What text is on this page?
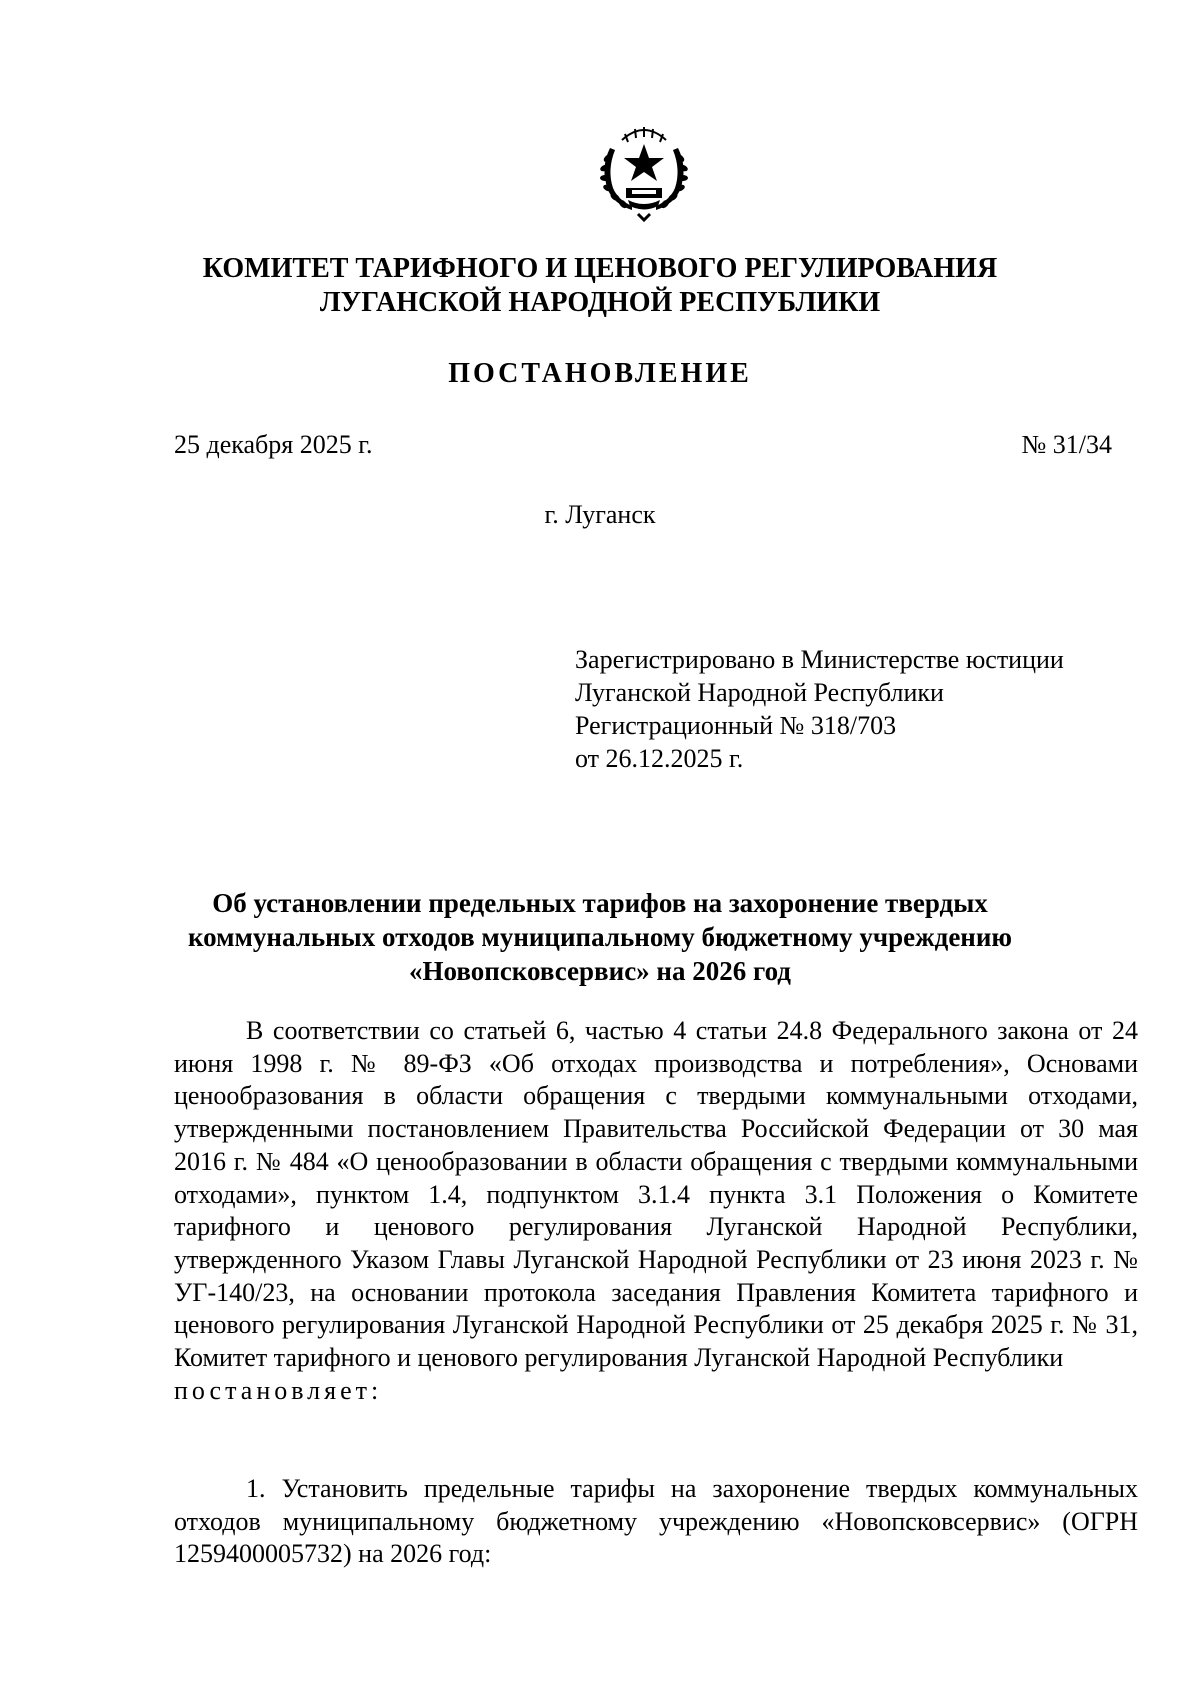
КОМИТЕТ ТАРИФНОГО И ЦЕНОВОГО РЕГУЛИРОВАНИЯ
ЛУГАНСКОЙ НАРОДНОЙ РЕСПУБЛИКИ
ПОСТАНОВЛЕНИЕ
25 декабря 2025 г.	№ 31/34
г. Луганск
Зарегистрировано в Министерстве юстиции
Луганской Народной Республики
Регистрационный № 318/703
от 26.12.2025 г.
Об установлении предельных тарифов на захоронение твердых
коммунальных отходов муниципальному бюджетному учреждению
«Новопсковсервис» на 2026 год

В соответствии со статьей 6, частью 4 статьи 24.8 Федерального закона от 24 июня 1998 г. № 89-ФЗ «Об отходах производства и потребления», Основами ценообразования в области обращения с твердыми коммунальными отходами, утвержденными постановлением Правительства Российской Федерации от 30 мая 2016 г. № 484 «О ценообразовании в области обращения с твердыми коммунальными отходами», пунктом 1.4, подпунктом 3.1.4 пункта 3.1 Положения о Комитете тарифного и ценового регулирования Луганской Народной Республики, утвержденного Указом Главы Луганской Народной Республики от 23 июня 2023 г. № УГ-140/23, на основании протокола заседания Правления Комитета тарифного и ценового регулирования Луганской Народной Республики от 25 декабря 2025 г. № 31, Комитет тарифного и ценового регулирования Луганской Народной Республики

постановляет:

1. Установить предельные тарифы на захоронение твердых коммунальных отходов муниципальному бюджетному учреждению «Новопсковсервис» (ОГРН 1259400005732) на 2026 год:
